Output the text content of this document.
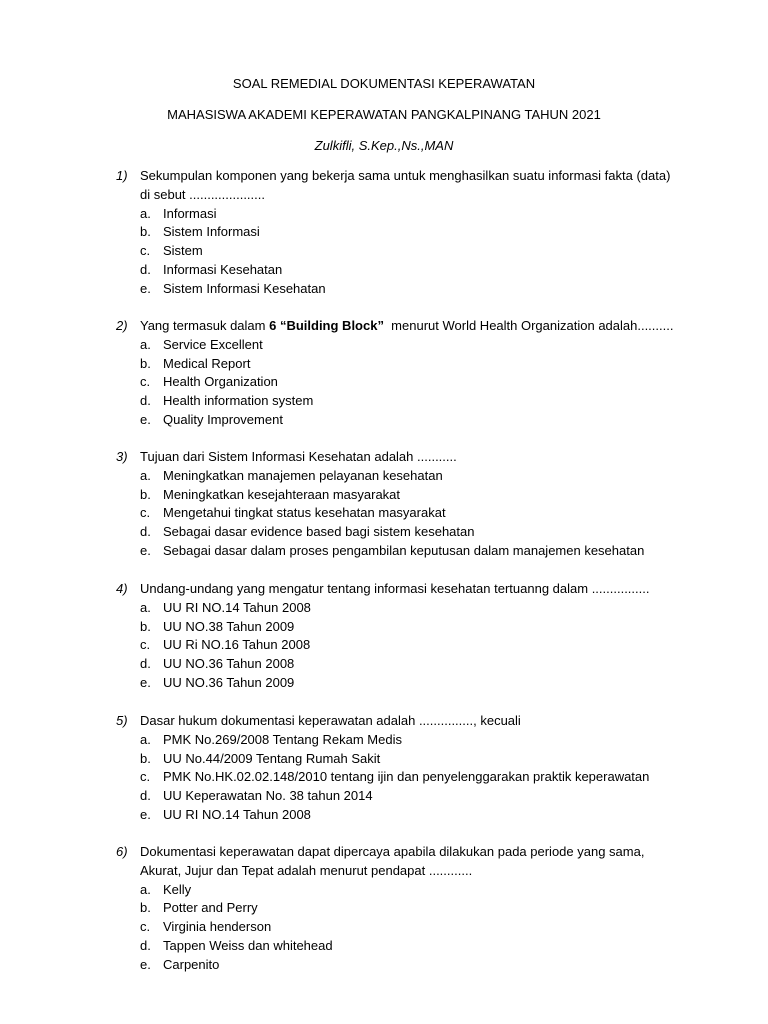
SOAL REMEDIAL DOKUMENTASI KEPERAWATAN
MAHASISWA AKADEMI KEPERAWATAN PANGKALPINANG TAHUN 2021
Zulkifli, S.Kep.,Ns.,MAN
1) Sekumpulan komponen yang bekerja sama untuk menghasilkan suatu informasi fakta (data)
di sebut .....................
a. Informasi
b. Sistem Informasi
c. Sistem
d. Informasi Kesehatan
e. Sistem Informasi Kesehatan
2) Yang termasuk dalam 6 “Building Block”  menurut World Health Organization adalah..........
a. Service Excellent
b. Medical Report
c. Health Organization
d. Health information system
e. Quality Improvement
3) Tujuan dari Sistem Informasi Kesehatan adalah ...........
a. Meningkatkan manajemen pelayanan kesehatan
b. Meningkatkan kesejahteraan masyarakat
c. Mengetahui tingkat status kesehatan masyarakat
d. Sebagai dasar evidence based bagi sistem kesehatan
e. Sebagai dasar dalam proses pengambilan keputusan dalam manajemen kesehatan
4) Undang-undang yang mengatur tentang informasi kesehatan tertuanng dalam ................
a. UU RI NO.14 Tahun 2008
b. UU NO.38 Tahun 2009
c. UU Ri NO.16 Tahun 2008
d. UU NO.36 Tahun 2008
e. UU NO.36 Tahun 2009
5) Dasar hukum dokumentasi keperawatan adalah ..............., kecuali
a. PMK No.269/2008 Tentang Rekam Medis
b. UU No.44/2009 Tentang Rumah Sakit
c. PMK No.HK.02.02.148/2010 tentang ijin dan penyelenggarakan praktik keperawatan
d. UU Keperawatan No. 38 tahun 2014
e. UU RI NO.14 Tahun 2008
6) Dokumentasi keperawatan dapat dipercaya apabila dilakukan pada periode yang sama,
Akurat, Jujur dan Tepat adalah menurut pendapat ............
a. Kelly
b. Potter and Perry
c. Virginia henderson
d. Tappen Weiss dan whitehead
e. Carpenito
